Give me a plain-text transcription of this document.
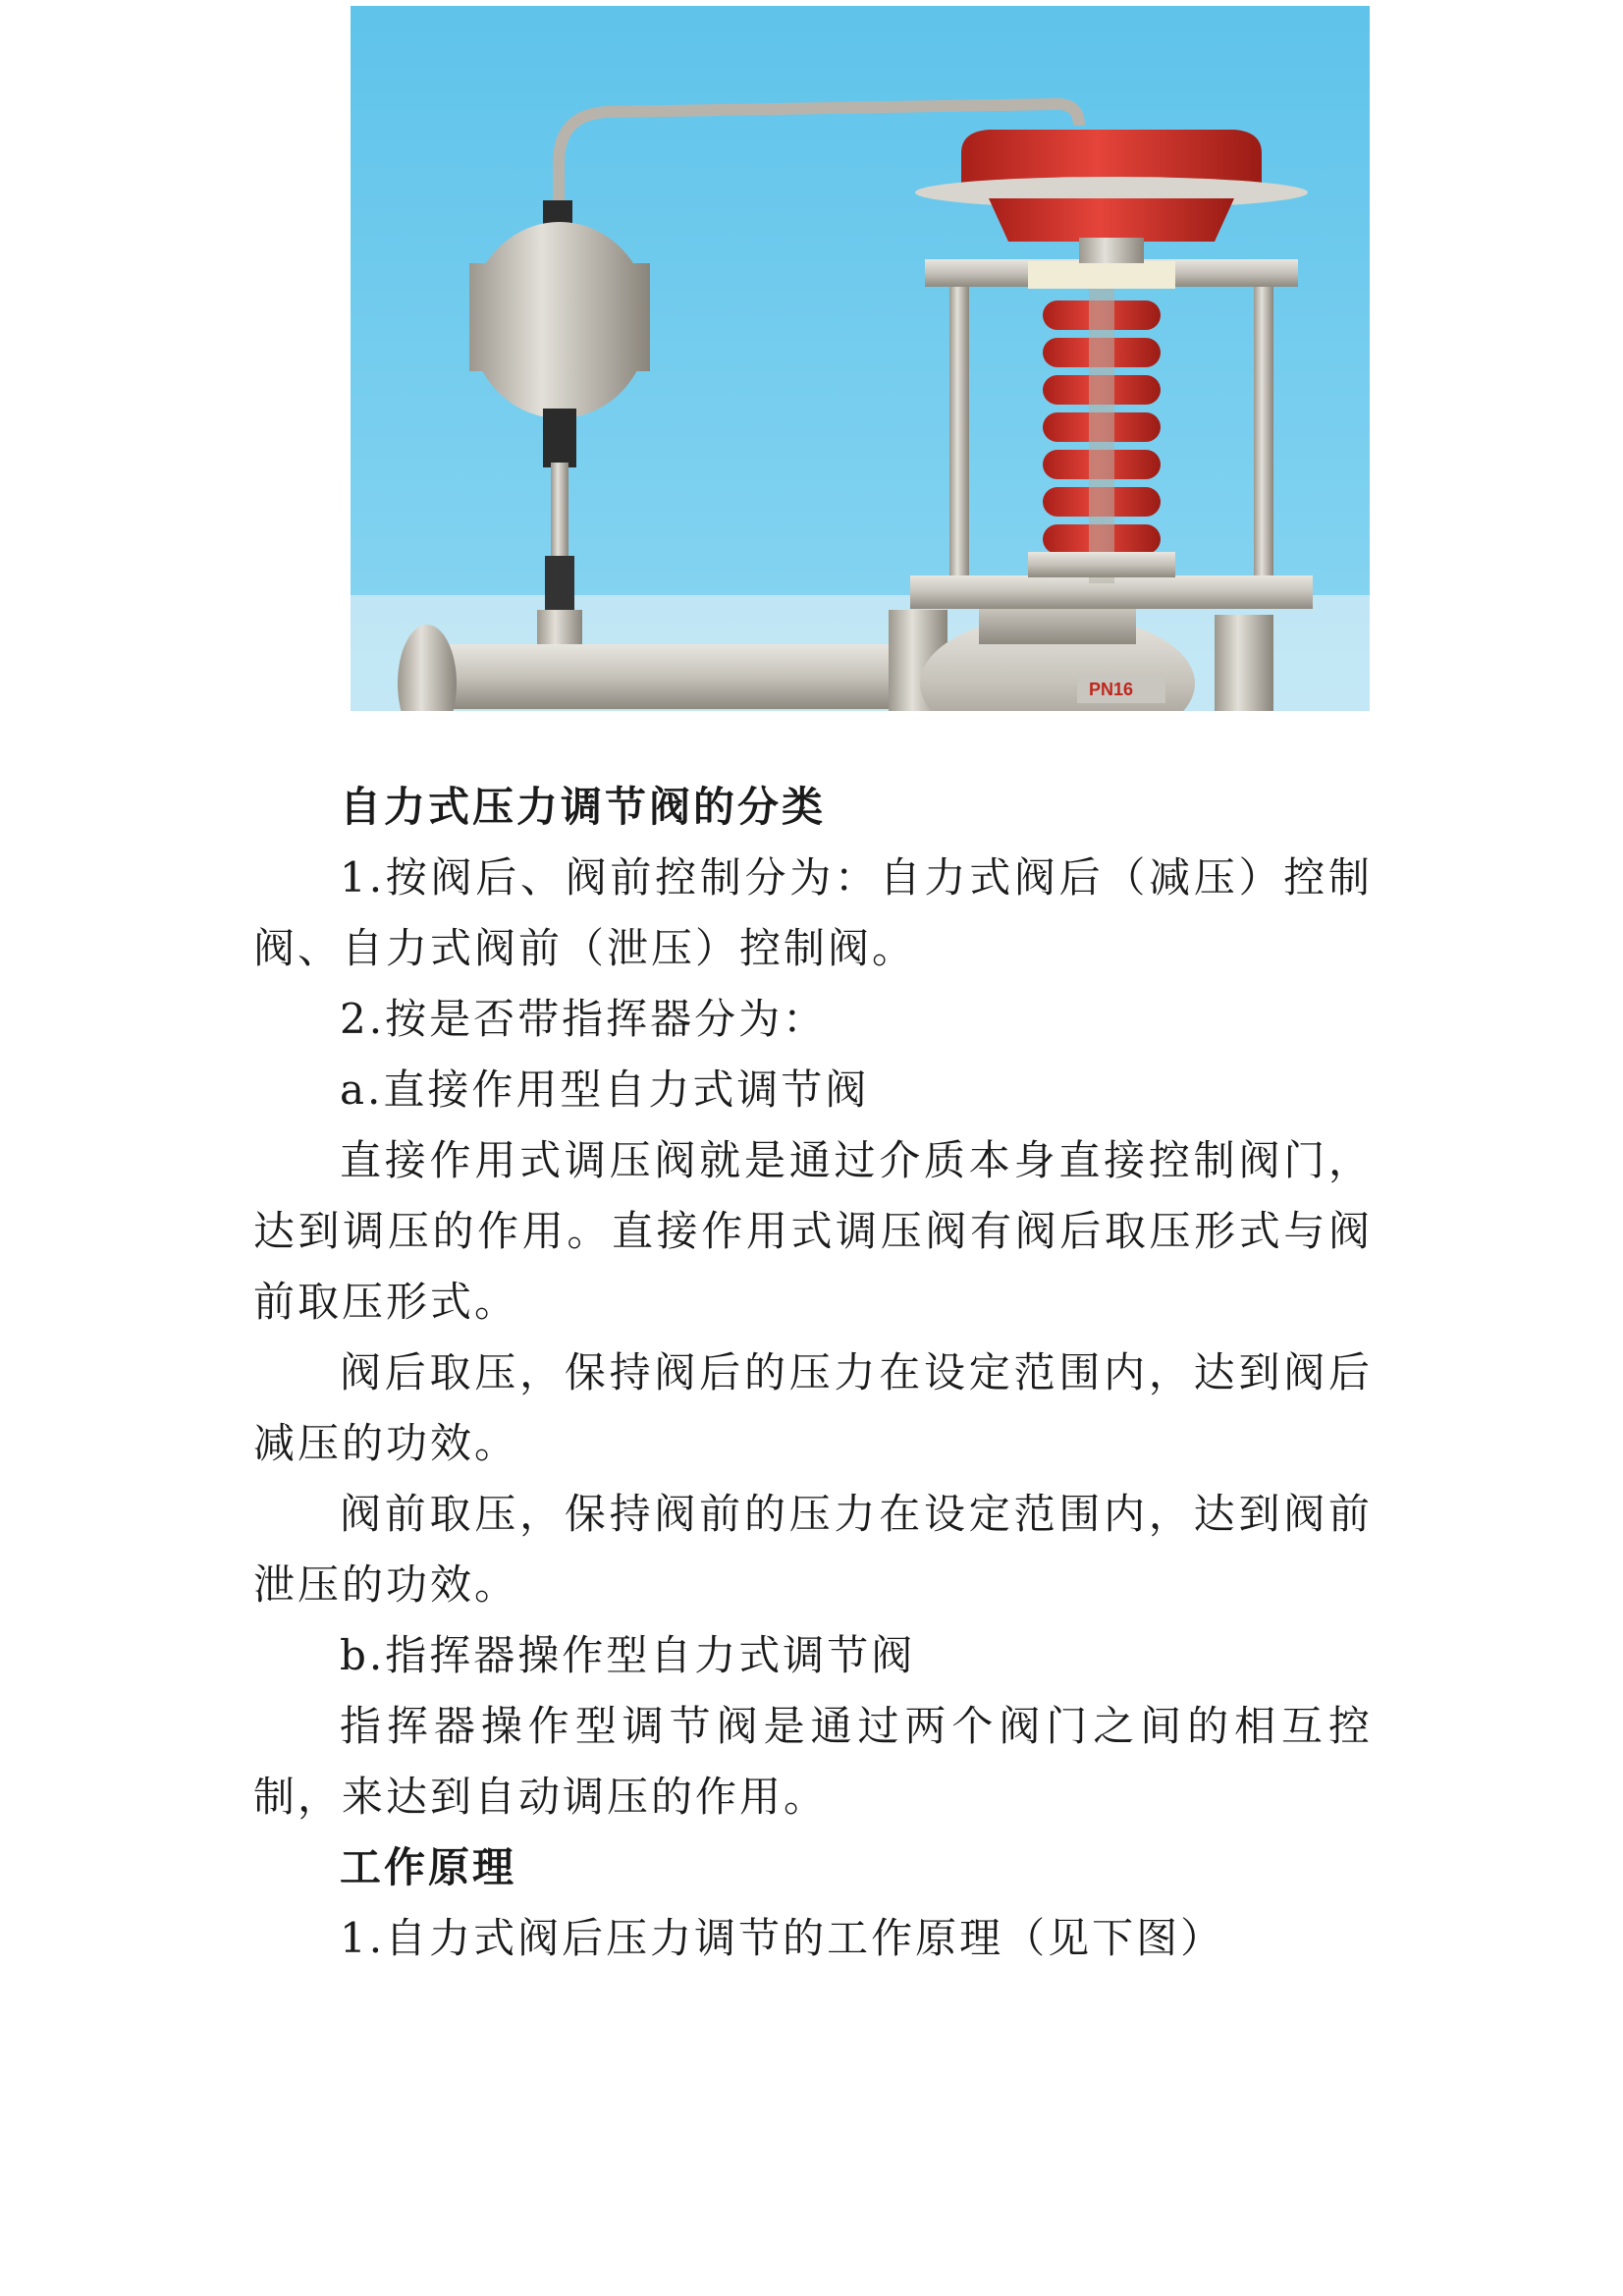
PN16

自力式压力调节阀的分类

1.按阀后、阀前控制分为：自力式阀后（减压）控制阀、自力式阀前（泄压）控制阀。

2.按是否带指挥器分为：

a.直接作用型自力式调节阀

直接作用式调压阀就是通过介质本身直接控制阀门，达到调压的作用。直接作用式调压阀有阀后取压形式与阀前取压形式。

阀后取压，保持阀后的压力在设定范围内，达到阀后减压的功效。

阀前取压，保持阀前的压力在设定范围内，达到阀前泄压的功效。

b.指挥器操作型自力式调节阀

指挥器操作型调节阀是通过两个阀门之间的相互控制，来达到自动调压的作用。

工作原理

1.自力式阀后压力调节的工作原理（见下图）
